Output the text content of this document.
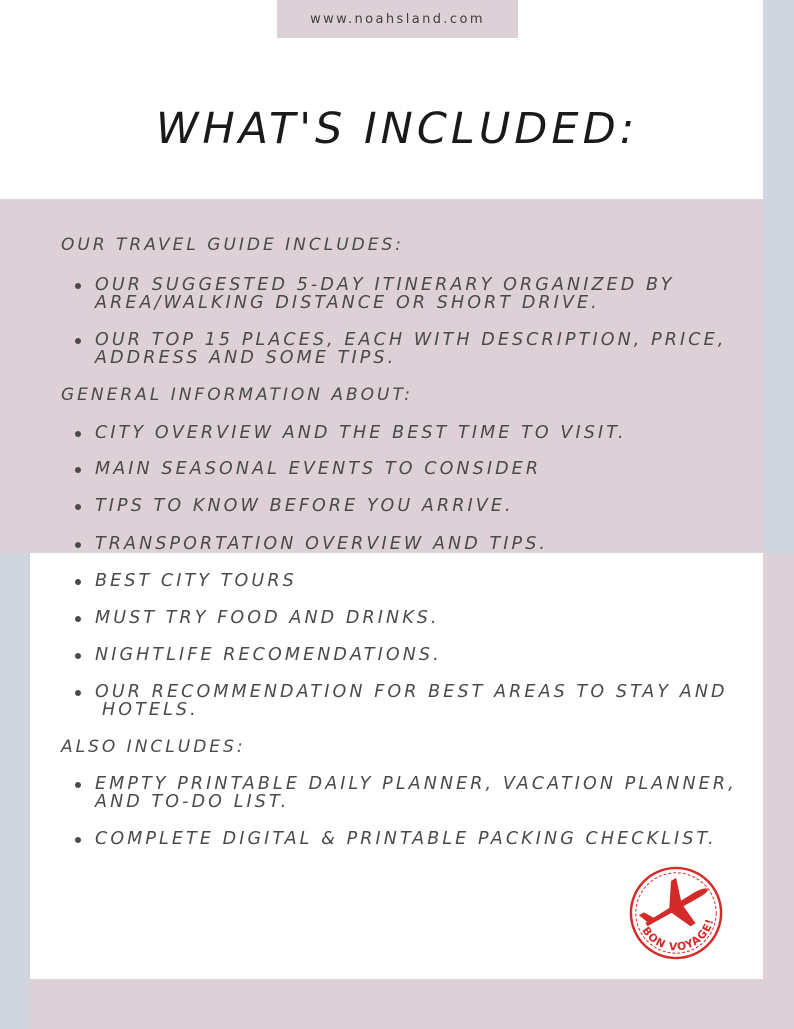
www.noahsland.com
WHAT'S INCLUDED:

OUR TRAVEL GUIDE INCLUDES:

OUR SUGGESTED 5-DAY ITINERARY ORGANIZED BY

AREA/WALKING DISTANCE OR SHORT DRIVE.

OUR TOP 15 PLACES, EACH WITH DESCRIPTION, PRICE,

ADDRESS AND SOME TIPS.

GENERAL INFORMATION ABOUT:

CITY OVERVIEW AND THE BEST TIME TO VISIT.

MAIN SEASONAL EVENTS TO CONSIDER

TIPS TO KNOW BEFORE YOU ARRIVE.

TRANSPORTATION OVERVIEW AND TIPS.

BEST CITY TOURS

MUST TRY FOOD AND DRINKS.

NIGHTLIFE RECOMENDATIONS.

OUR RECOMMENDATION FOR BEST AREAS TO STAY AND

HOTELS.

ALSO INCLUDES:

EMPTY PRINTABLE DAILY PLANNER, VACATION PLANNER,

AND TO-DO LIST.

COMPLETE DIGITAL & PRINTABLE PACKING CHECKLIST.

BON VOYAGE!
